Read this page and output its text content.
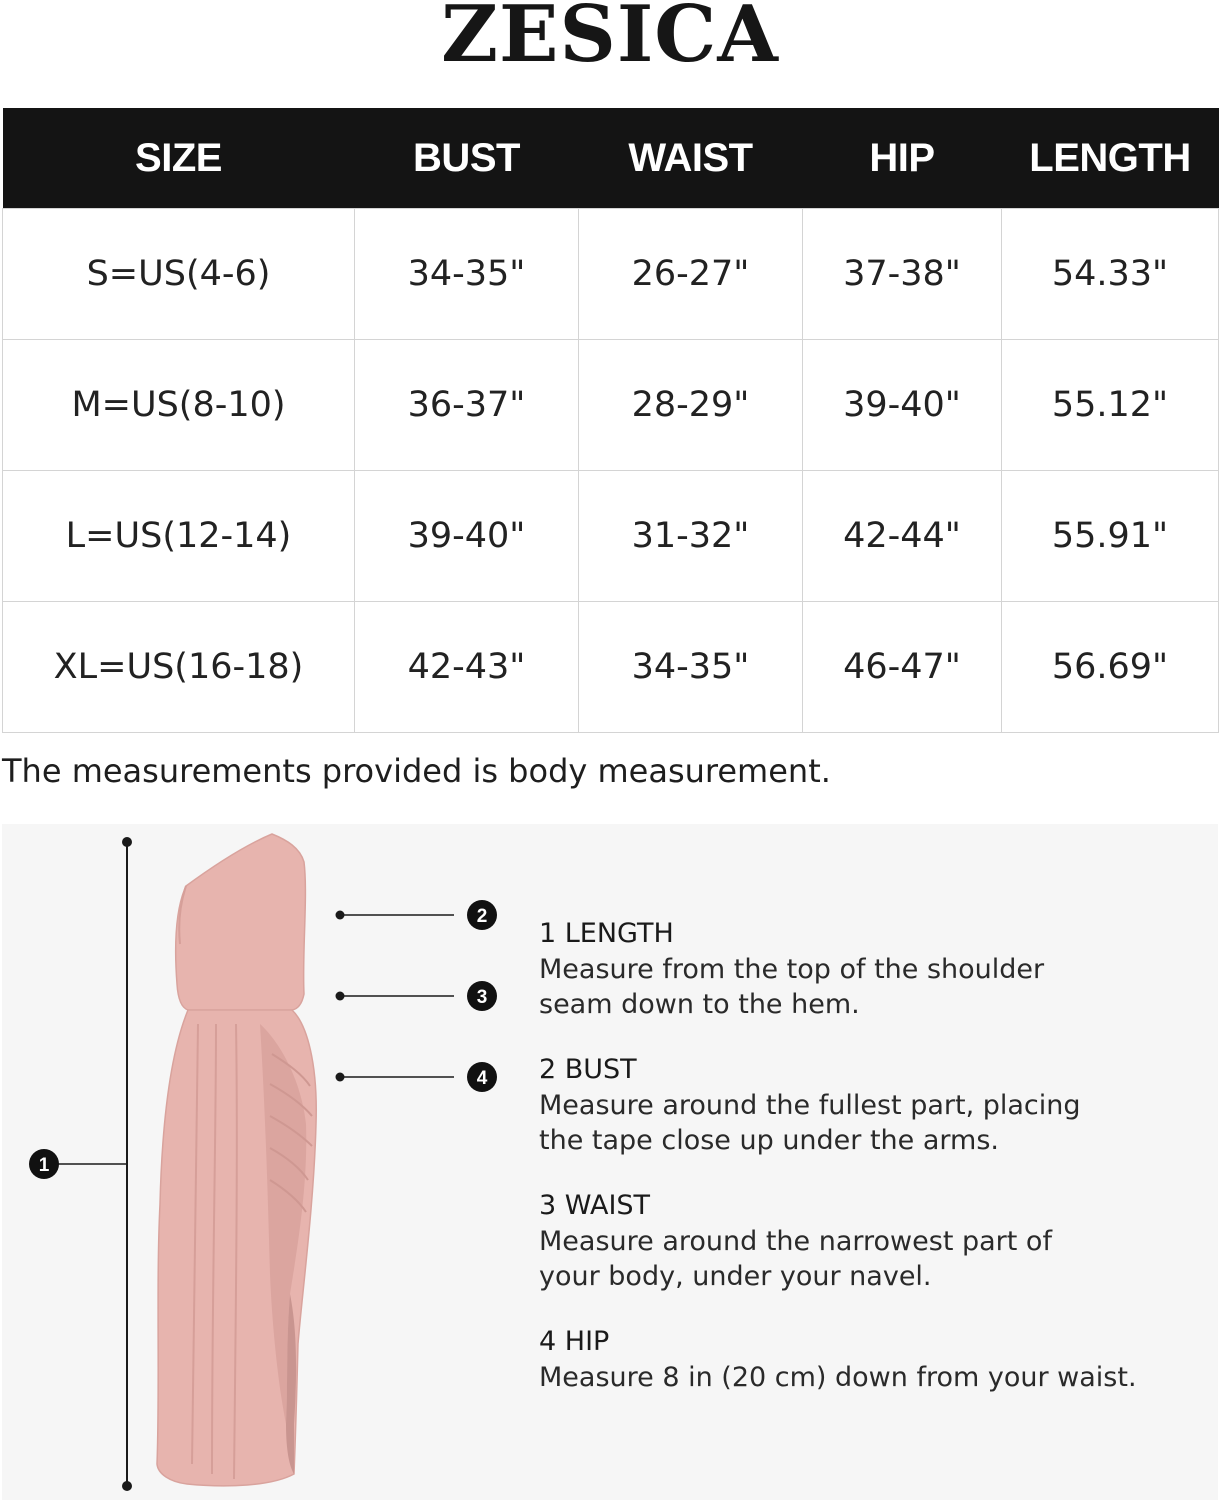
ZESICA
SIZE	BUST	WAIST	HIP	LENGTH
S=US(4-6)	34-35"	26-27"	37-38"	54.33"
M=US(8-10)	36-37"	28-29"	39-40"	55.12"
L=US(12-14)	39-40"	31-32"	42-44"	55.91"
XL=US(16-18)	42-43"	34-35"	46-47"	56.69"
The measurements provided is body measurement.
1
2
3
4
1 LENGTH
Measure from the top of the shoulder
seam down to the hem.
2 BUST
Measure around the fullest part, placing
the tape close up under the arms.
3 WAIST
Measure around the narrowest part of
your body, under your navel.
4 HIP
Measure 8 in (20 cm) down from your waist.
